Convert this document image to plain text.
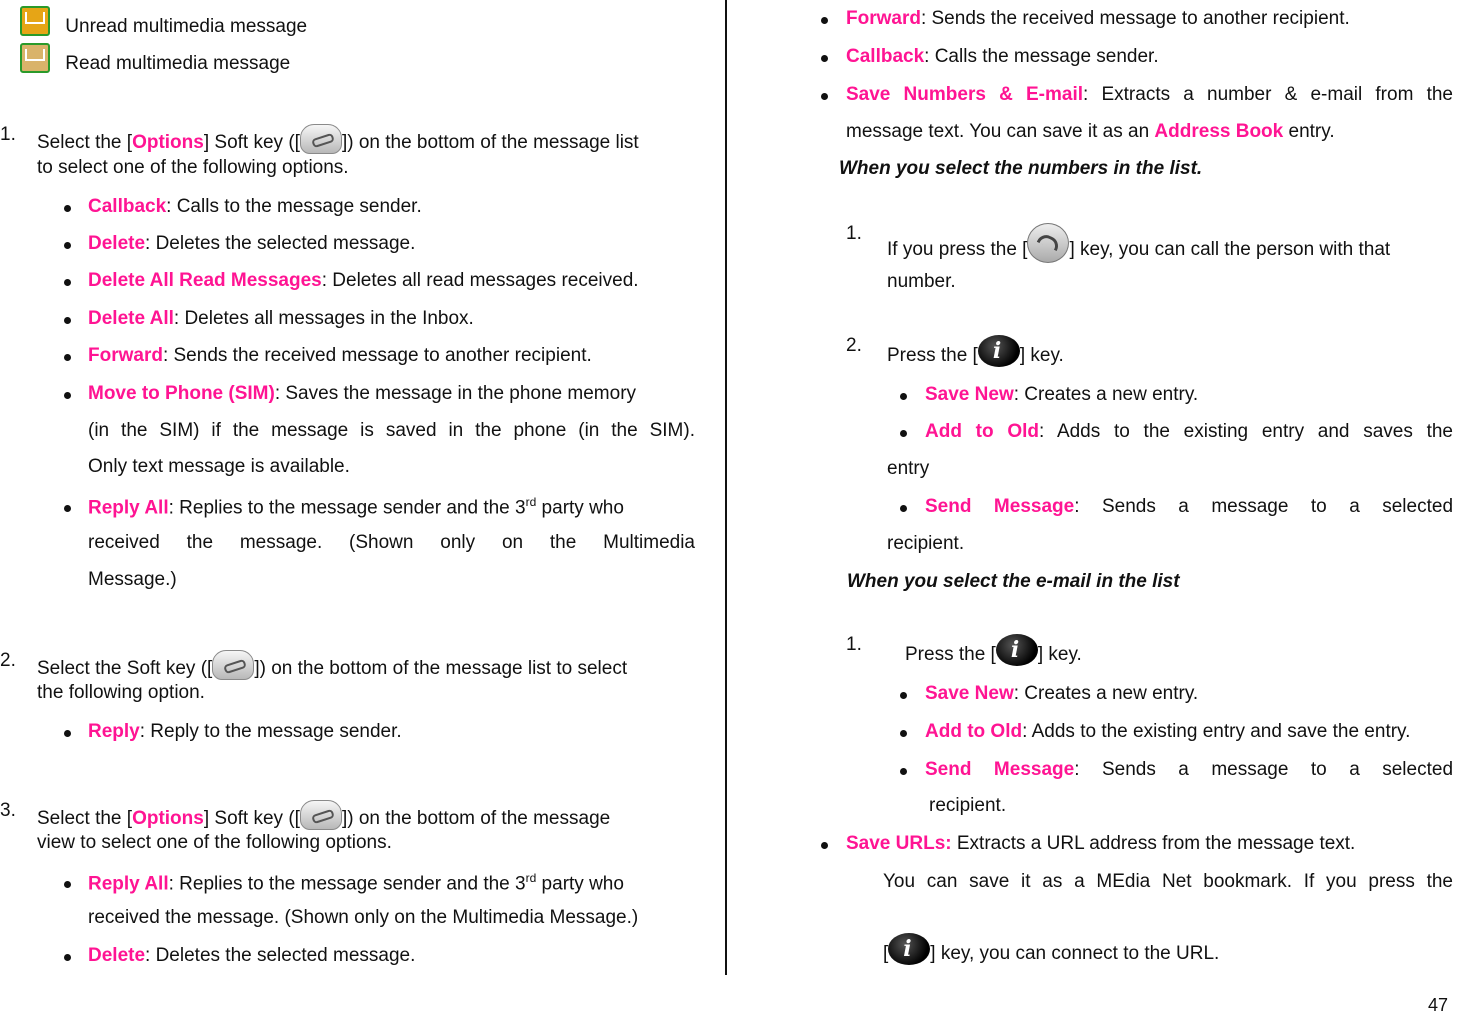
Unread multimedia message
Read multimedia message
1. Select the [Options] Soft key ([ ]) on the bottom of the message list
to select one of the following options.
Callback: Calls to the message sender.
Delete: Deletes the selected message.
Delete All Read Messages: Deletes all read messages received.
Delete All: Deletes all messages in the Inbox.
Forward: Sends the received message to another recipient.
Move to Phone (SIM): Saves the message in the phone memory
(in the SIM) if the message is saved in the phone (in the SIM).
Only text message is available.
Reply All: Replies to the message sender and the 3rd party who
received the message. (Shown only on the Multimedia
Message.)
2. Select the Soft key ([ ]) on the bottom of the message list to select
the following option.
Reply: Reply to the message sender.
3. Select the [Options] Soft key ([ ]) on the bottom of the message
view to select one of the following options.
Reply All: Replies to the message sender and the 3rd party who
received the message. (Shown only on the Multimedia Message.)
Delete: Deletes the selected message.
Forward: Sends the received message to another recipient.
Callback: Calls the message sender.
Save Numbers & E-mail: Extracts a number & e-mail from the
message text. You can save it as an Address Book entry.
When you select the numbers in the list.
1.
If you press the [ ] key, you can call the person with that
number.
2. Press the [ i ] key.
Save New: Creates a new entry.
Add to Old: Adds to the existing entry and saves the
entry
Send Message: Sends a message to a selected
recipient.
When you select the e-mail in the list
1. Press the [ i ] key.
Save New: Creates a new entry.
Add to Old: Adds to the existing entry and save the entry.
Send Message: Sends a message to a selected
recipient.
Save URLs: Extracts a URL address from the message text.
You can save it as a MEdia Net bookmark. If you press the
[ i ] key, you can connect to the URL.
47
